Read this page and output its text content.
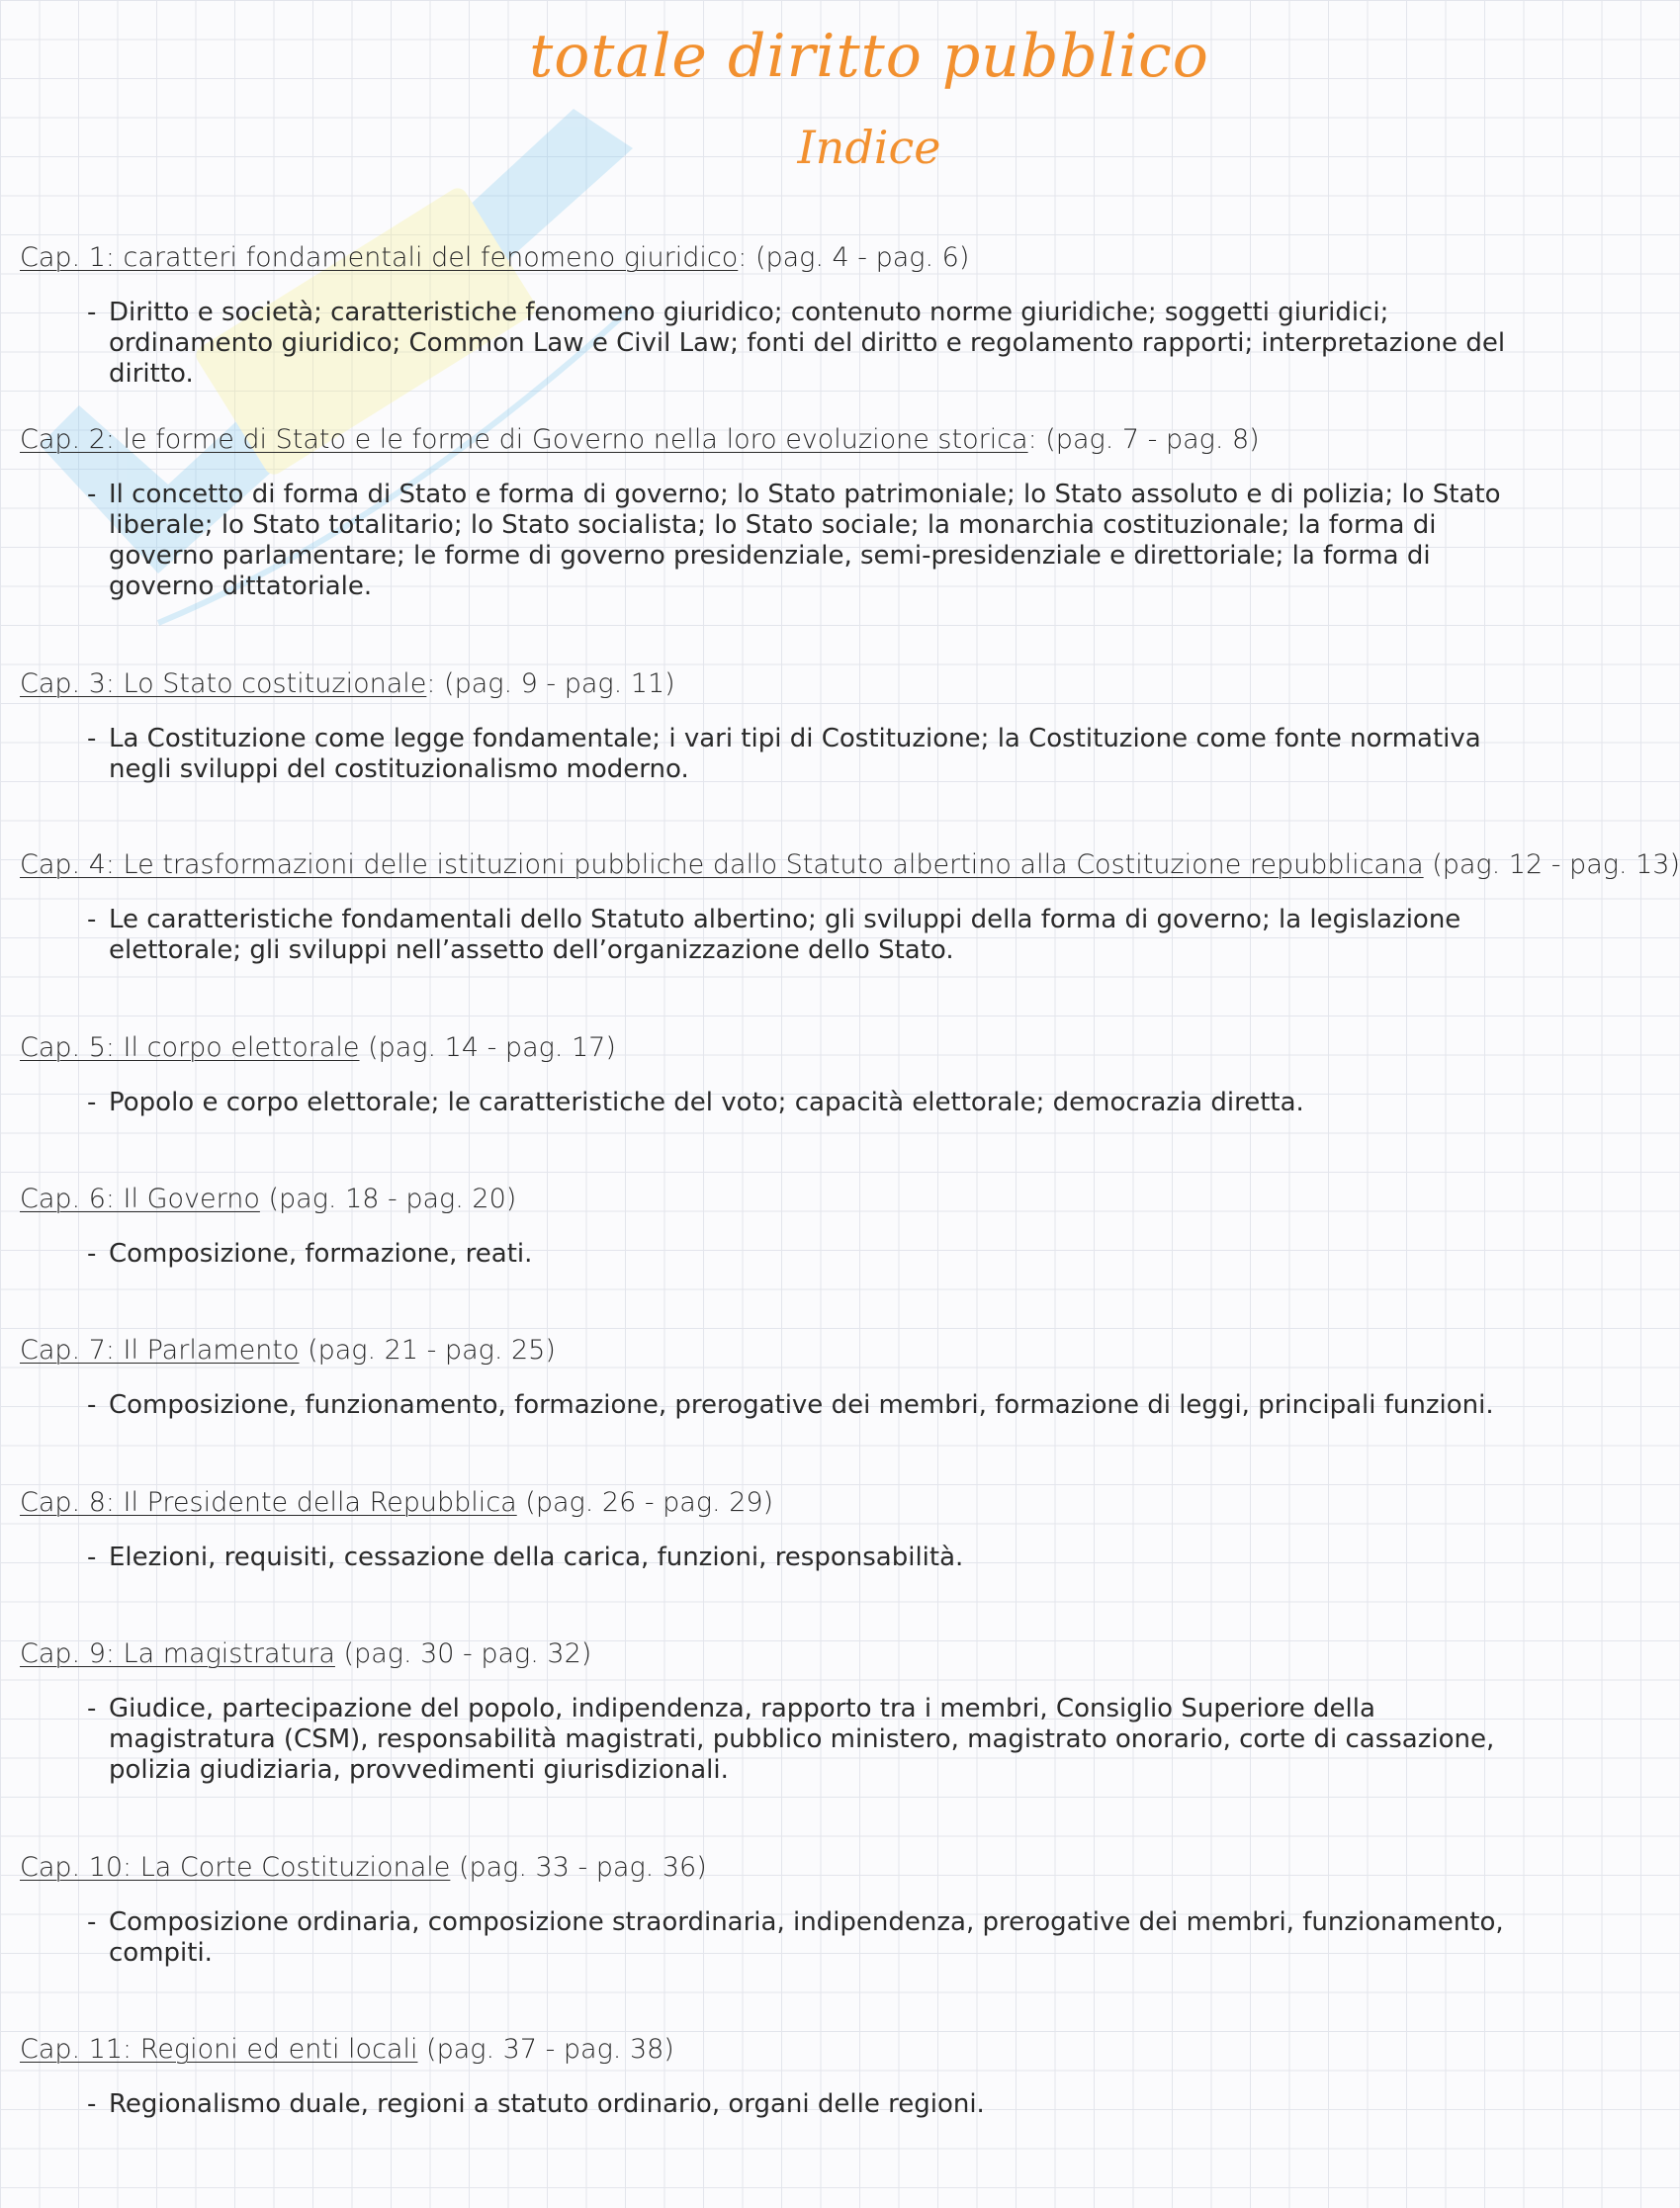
totale diritto pubblico
Indice
Cap. 1: caratteri fondamentali del fenomeno giuridico: (pag. 4 - pag. 6)
- Diritto e società; caratteristiche fenomeno giuridico; contenuto norme giuridiche; soggetti giuridici; ordinamento giuridico; Common Law e Civil Law; fonti del diritto e regolamento rapporti; interpretazione del diritto.
Cap. 2: le forme di Stato e le forme di Governo nella loro evoluzione storica: (pag. 7 - pag. 8)
- Il concetto di forma di Stato e forma di governo; lo Stato patrimoniale; lo Stato assoluto e di polizia; lo Stato liberale; lo Stato totalitario; lo Stato socialista; lo Stato sociale; la monarchia costituzionale; la forma di governo parlamentare; le forme di governo presidenziale, semi-presidenziale e direttoriale; la forma di governo dittatoriale.
Cap. 3: Lo Stato costituzionale: (pag. 9 - pag. 11)
- La Costituzione come legge fondamentale; i vari tipi di Costituzione; la Costituzione come fonte normativa negli sviluppi del costituzionalismo moderno.
Cap. 4: Le trasformazioni delle istituzioni pubbliche dallo Statuto albertino alla Costituzione repubblicana (pag. 12 - pag. 13)
- Le caratteristiche fondamentali dello Statuto albertino; gli sviluppi della forma di governo; la legislazione elettorale; gli sviluppi nell’assetto dell’organizzazione dello Stato.
Cap. 5: Il corpo elettorale (pag. 14 - pag. 17)
- Popolo e corpo elettorale; le caratteristiche del voto; capacità elettorale; democrazia diretta.
Cap. 6: Il Governo (pag. 18 - pag. 20)
- Composizione, formazione, reati.
Cap. 7: Il Parlamento (pag. 21 - pag. 25)
- Composizione, funzionamento, formazione, prerogative dei membri, formazione di leggi, principali funzioni.
Cap. 8: Il Presidente della Repubblica (pag. 26 - pag. 29)
- Elezioni, requisiti, cessazione della carica, funzioni, responsabilità.
Cap. 9: La magistratura (pag. 30 - pag. 32)
- Giudice, partecipazione del popolo, indipendenza, rapporto tra i membri, Consiglio Superiore della magistratura (CSM), responsabilità magistrati, pubblico ministero, magistrato onorario, corte di cassazione, polizia giudiziaria, provvedimenti giurisdizionali.
Cap. 10: La Corte Costituzionale (pag. 33 - pag. 36)
- Composizione ordinaria, composizione straordinaria, indipendenza, prerogative dei membri, funzionamento, compiti.
Cap. 11: Regioni ed enti locali (pag. 37 - pag. 38)
- Regionalismo duale, regioni a statuto ordinario, organi delle regioni.
